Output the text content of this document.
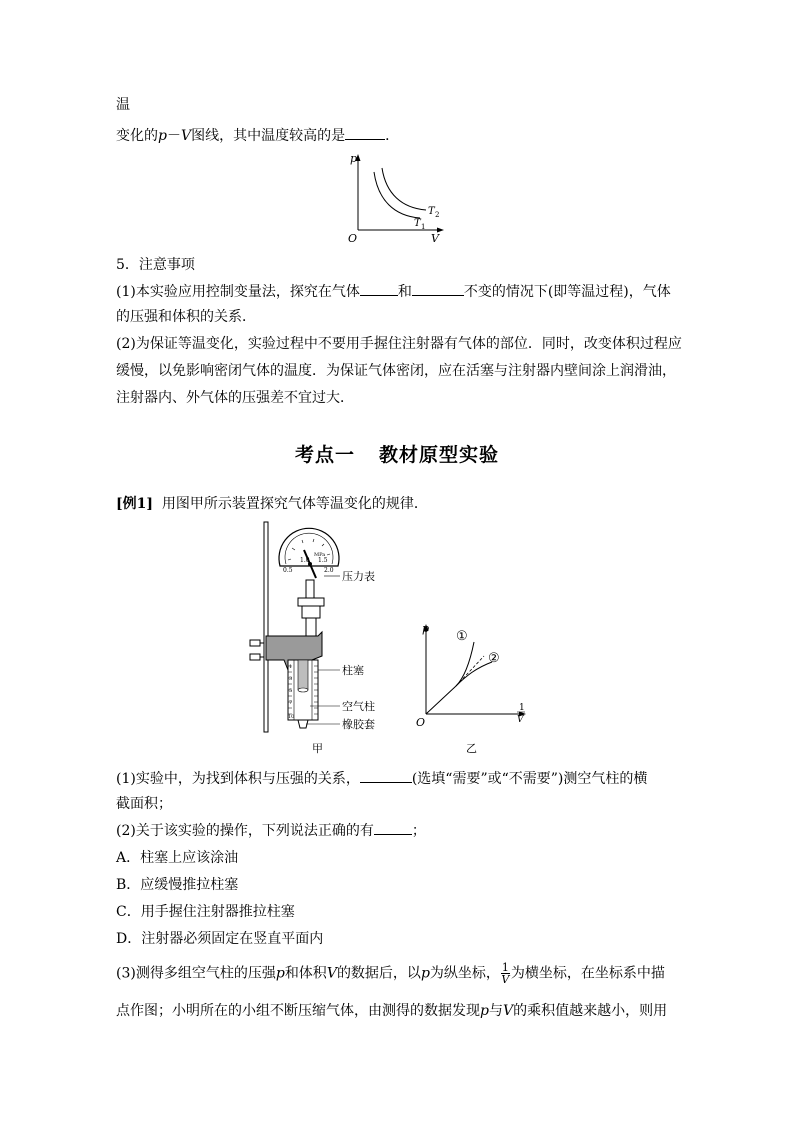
温
变化的p－V图线，其中温度较高的是	．
p
O	V
T 2
T 1
5．注意事项
(1)本实验应用控制变量法，探究在气体	和	不变的情况下(即等温过程)，气体
的压强和体积的关系．
(2)为保证等温变化，实验过程中不要用手握住注射器有气体的部位．同时，改变体积过程应
缓慢，以免影响密闭气体的温度．为保证气体密闭，应在活塞与注射器内壁间涂上润滑油，
注射器内、外气体的压强差不宜过大．
考点一 教材原型实验
[例1] 用图甲所示装置探究气体等温变化的规律．
0.5
1.0 1.5
2.0
MPa
1
3
5
7
10
压力表
柱塞
空气柱
橡胶套
甲
p
O
1
V
①
②
乙
(1)实验中，为找到体积与压强的关系，	(选填“需要”或“不需要”)测空气柱的横
截面积；
(2)关于该实验的操作，下列说法正确的有	；
A．柱塞上应该涂油
B．应缓慢推拉柱塞
C．用手握住注射器推拉柱塞
D．注射器必须固定在竖直平面内
(3)测得多组空气柱的压强p和体积V的数据后，以p为纵坐标， $\frac{1}{V}$ 为横坐标，在坐标系中描
点作图；小明所在的小组不断压缩气体，由测得的数据发现p与V的乘积值越来越小，则用
